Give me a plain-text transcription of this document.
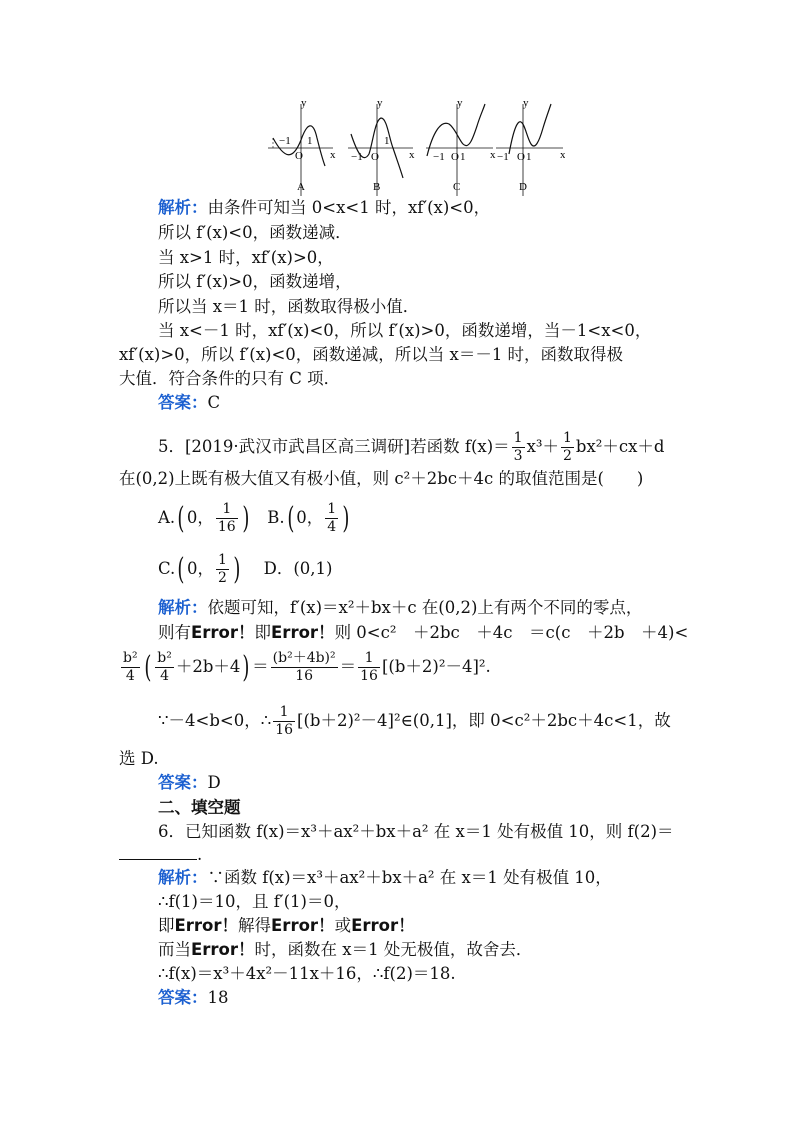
y
x
−1
O
1
A
y
x
−1 O
1
B
y
x
−1 O 1
C
y
x
−1 O 1
D
解析：由条件可知当 0<x<1 时，xf′(x)<0，
所以 f′(x)<0，函数递减．
当 x>1 时，xf′(x)>0，
所以 f′(x)>0，函数递增，
所以当 x＝1 时，函数取得极小值．
当 x<－1 时，xf′(x)<0，所以 f′(x)>0，函数递增，当－1<x<0，
xf′(x)>0，所以 f′(x)<0，函数递减，所以当 x＝－1 时，函数取得极
大值．符合条件的只有 C 项．
答案：C
5．[2019·武汉市武昌区高三调研]若函数 $f(x)= \frac{1}{3} x^3+ \frac{1}{2} bx^2+cx+d$
在(0,2)上既有极大值又有极小值，则 c²＋2bc＋4c 的取值范围是(　　)
A.( 0， $\frac{1}{16}$ ) B.( 0， $\frac{1}{4}$ )
C.( 0， $\frac{1}{2}$ ) D．(0,1)
解析：依题可知，f′(x)＝x²＋bx＋c 在(0,2)上有两个不同的零点，
则有Error！即Error！则 0<c²　＋2bc　＋4c　＝c(c　＋2b　＋4)<
$\frac{\text{b²}}{4}$ ( $\frac{\text{b²}}{4} +2b+4) = \frac{\text{(b²＋4b)²}}{16} = \frac{1}{16} [(b+2)^2-4]^2$.
∵－4<b<0，∴ $\frac{1}{16}$ [(b＋2)²－4]²∈(0,1]，即 0<c²＋2bc＋4c<1，故
选 D.
答案：D
二、填空题
6．已知函数 f(x)＝x³＋ax²＋bx＋a² 在 x＝1 处有极值 10，则 f(2)＝
.
解析：∵函数 f(x)＝x³＋ax²＋bx＋a² 在 x＝1 处有极值 10，
∴f(1)＝10，且 f′(1)＝0，
即Error！解得Error！或Error！
而当Error！时，函数在 x＝1 处无极值，故舍去．
∴f(x)＝x³＋4x²－11x＋16，∴f(2)＝18.
答案：18
